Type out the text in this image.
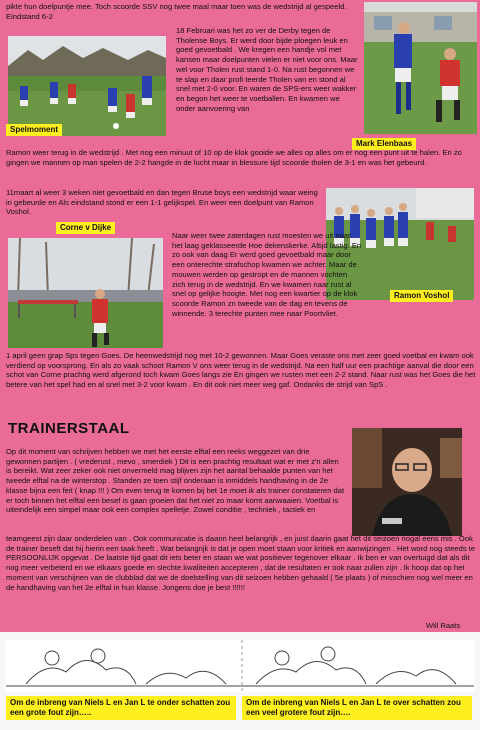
pikte hun doelpuntje mee. Toch scoorde SSV nog twee maal maar toen was de wedstrijd al gespeeld. Eindstand 6-2

Spelmoment

18 Februari was het zo ver de Derby tegen de Tholense Boys. Er werd door bijde ploegen leuk en goed gevoetbald . We kregen een handje vol met kansen maar doelpunten vielen er niet voor ons. Maar wel voor Tholen rust stand 1-0. Na rust begonnen we te slap en daar profi teerde Tholen van en stond al snel met 2-0 voor. En waren de SPS-ers weer wakker en begon het weer te voetballen. En kwamen we onder aanvoering van

Mark Elenbaas

Ramon weer terug in de wedstrijd . Met nog een minuut of 10 op de klok gooide we alles op alles om er nog een punt uit te halen. En zo gingen we mannen op man spelen de 2-2 hangde in de lucht maar in blessure tijd scoorde tholen de 3-1 en was het gebeurd.

11maart al weer 3 weken niet gevoetbald en dan tegen Bruse boys een wedstrijd waar weing in gebeurde en Als eindstand stond er een 1-1 gelijkspel. En weer een doelpunt van Ramon Voshol.

Corne v Dijke
Ramon Voshol

Naar weer twee zaterdagen rust moesten we uit naar het laag geklasseerde Hoe dekenskerke. Altijd lastig. En zo ook van daag Er werd goed gevoetbald maar door een onterechte strafschop kwamen we achter. Maar de mouwen werden op gestropt en de mannen vochten zich terug in de wedstrijd. En we kwamen naar rust al snel op gelijke hoogte. Met nog een kwartier op de klok scoorde Ramon zn tweede van de dag en tevens de winnende. 3 terechte punten mee naar Poortvliet.

1 april geen grap Sps tegen Goes. De heenwedstrijd nog met 10-2 gewonnen. Maar Goes veraste ons met zeer goed voetbal en kwam ook verdiend op voorsprong. En als zo vaak schoot Ramon V ons weer terug in de wedstrijd. Na een half uur een prachtige aanval die door een schot van Corne prachtig werd afgerond toch kwam Goes langs zie En gingen we rusten met een 2-2 stand. Naar rust was het Goes die het betere van het spel had en al snel met 3-2 voor kwam . En dit ook niet meer weg gaf. Ondanks de strijd van SpS .

TRAINERSTAAL

Op dit moment van schrijven hebben we met het eerste elftal een reeks weggezet van drie gewonnen partijen . ( vrederust , mevo , smerdiek ) Dit is een prachtig resultaat wat er met z'n allen is bereikt. Wat zeer zeker ook niet onvermeld mag blijven zijn het aantal behaalde punten van het tweede elftal na de winterstop . Standen ze toen stijf onderaan is inmiddels handhaving in de 2e klasse bijna een feit ( knap !!! ) Om even terug te komen bij het 1e moet ik als trainer constateren dat er toch binnen het elftal een besef is gaan groeien dat het niet zo maar komt aanwaaien. Voetbal is uiteindelijk een simpel maar ook een complex spelletje. Zowel conditie , techniek , tactiek en

teamgeest zijn daar onderdelen van . Ook communicatie is daarin heel belangrijk , en juist daarin gaat het dit seizoen nogal eens mis . Ook de trainer beseft dat hij hierin een taak heeft . Wat belangrijk is dat je open moet staan voor kritiek en aanwijzingen . Het word nog steeds te PERSOONLIJK opgevat . De laatste tijd gaat dit iets beter en staan we wat positiever tegenover elkaar . Ik ben er van overtuigd dat als dit nog meer verbeterd en we elkaars goede en slechte kwaliteiten accepteren , dat de resultaten er ook naar zullen zijn . Ik hoop dat op het moment van verschijnen van de clubblad dat we de doelstelling van dit seizoen hebben gehaald ( 5e plaats ) of misschien nog wel meer en de handhaving van het 2e elftal in hun klasse. Jongens doe je best !!!!!!

Will Raats
Om de inbreng van Niels L en Jan L te onder schatten zou een grote fout zijn…..
Om de inbreng van Niels L en Jan L te over schatten zou een veel grotere fout zijn….
